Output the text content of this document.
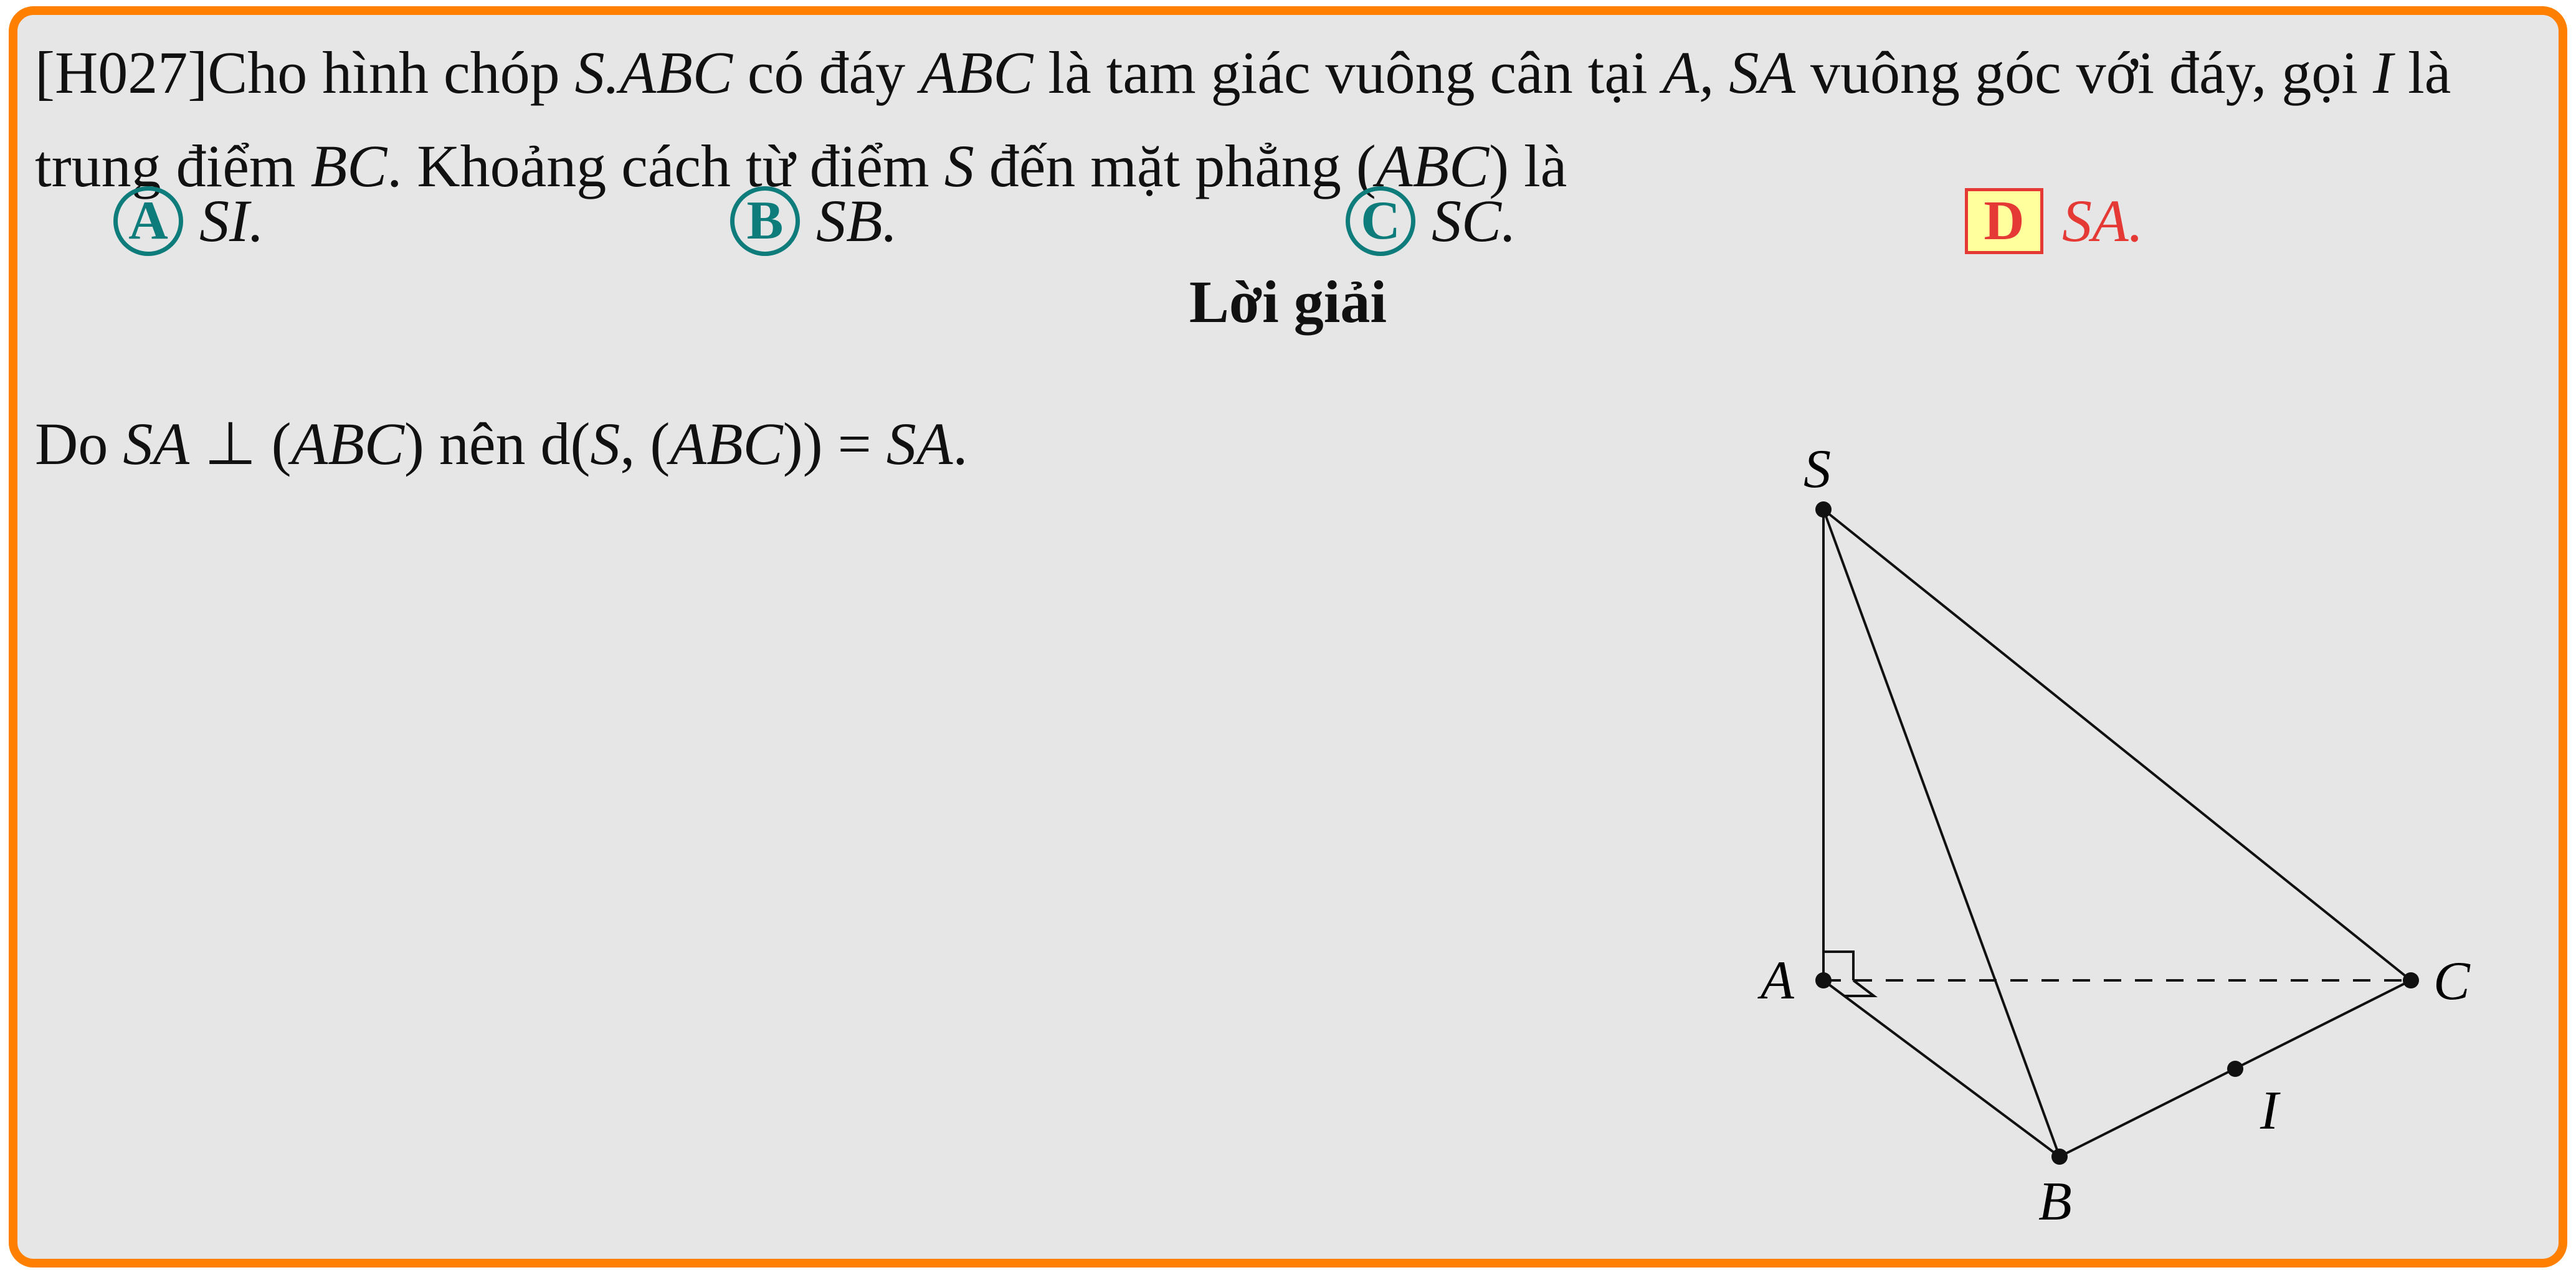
[H027]Cho hình chóp S.ABC có đáy ABC là tam giác vuông cân tại A, SA vuông góc với đáy, gọi I là trung điểm BC. Khoảng cách từ điểm S đến mặt phẳng (ABC) là

A SI.	B SB.	C SC.	D SA.
Lời giải
Do SA ⊥ (ABC) nên d(S, (ABC)) = SA.	S
A
B
C
I
